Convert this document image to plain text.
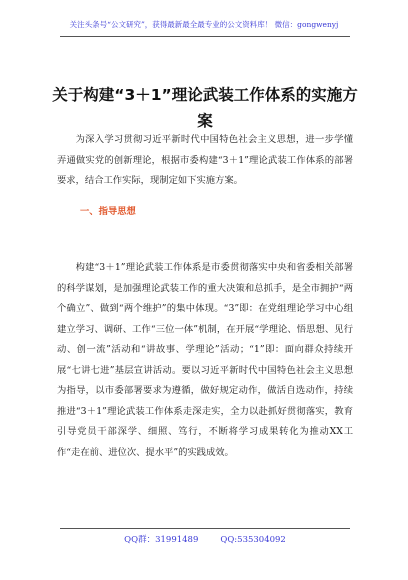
关注头条号“公文研究”，获得最新最全最专业的公文资料库！ 微信：gongwenyj
关于构建“3＋1”理论武装工作体系的实施方案

为深入学习贯彻习近平新时代中国特色社会主义思想，进一步学懂弄通做实党的创新理论，根据市委构建“3＋1”理论武装工作体系的部署要求，结合工作实际，现制定如下实施方案。

一、指导思想

构建“3＋1”理论武装工作体系是市委贯彻落实中央和省委相关部署的科学谋划，是加强理论武装工作的重大决策和总抓手，是全市拥护“两个确立”、做到“两个维护”的集中体现。“3”即：在党组理论学习中心组建立学习、调研、工作“三位一体”机制，在开展“学理论、悟思想、见行动、创一流”活动和“讲故事、学理论”活动；“1”即：面向群众持续开展“七讲七进”基层宣讲活动。要以习近平新时代中国特色社会主义思想为指导，以市委部署要求为遵循，做好规定动作，做活自选动作，持续推进“3＋1”理论武装工作体系走深走实，全力以赴抓好贯彻落实，教育引导党员干部深学、细照、笃行，不断将学习成果转化为推动XX工作“走在前、进位次、提水平”的实践成效。

QQ群：31991489	QQ:535304092
